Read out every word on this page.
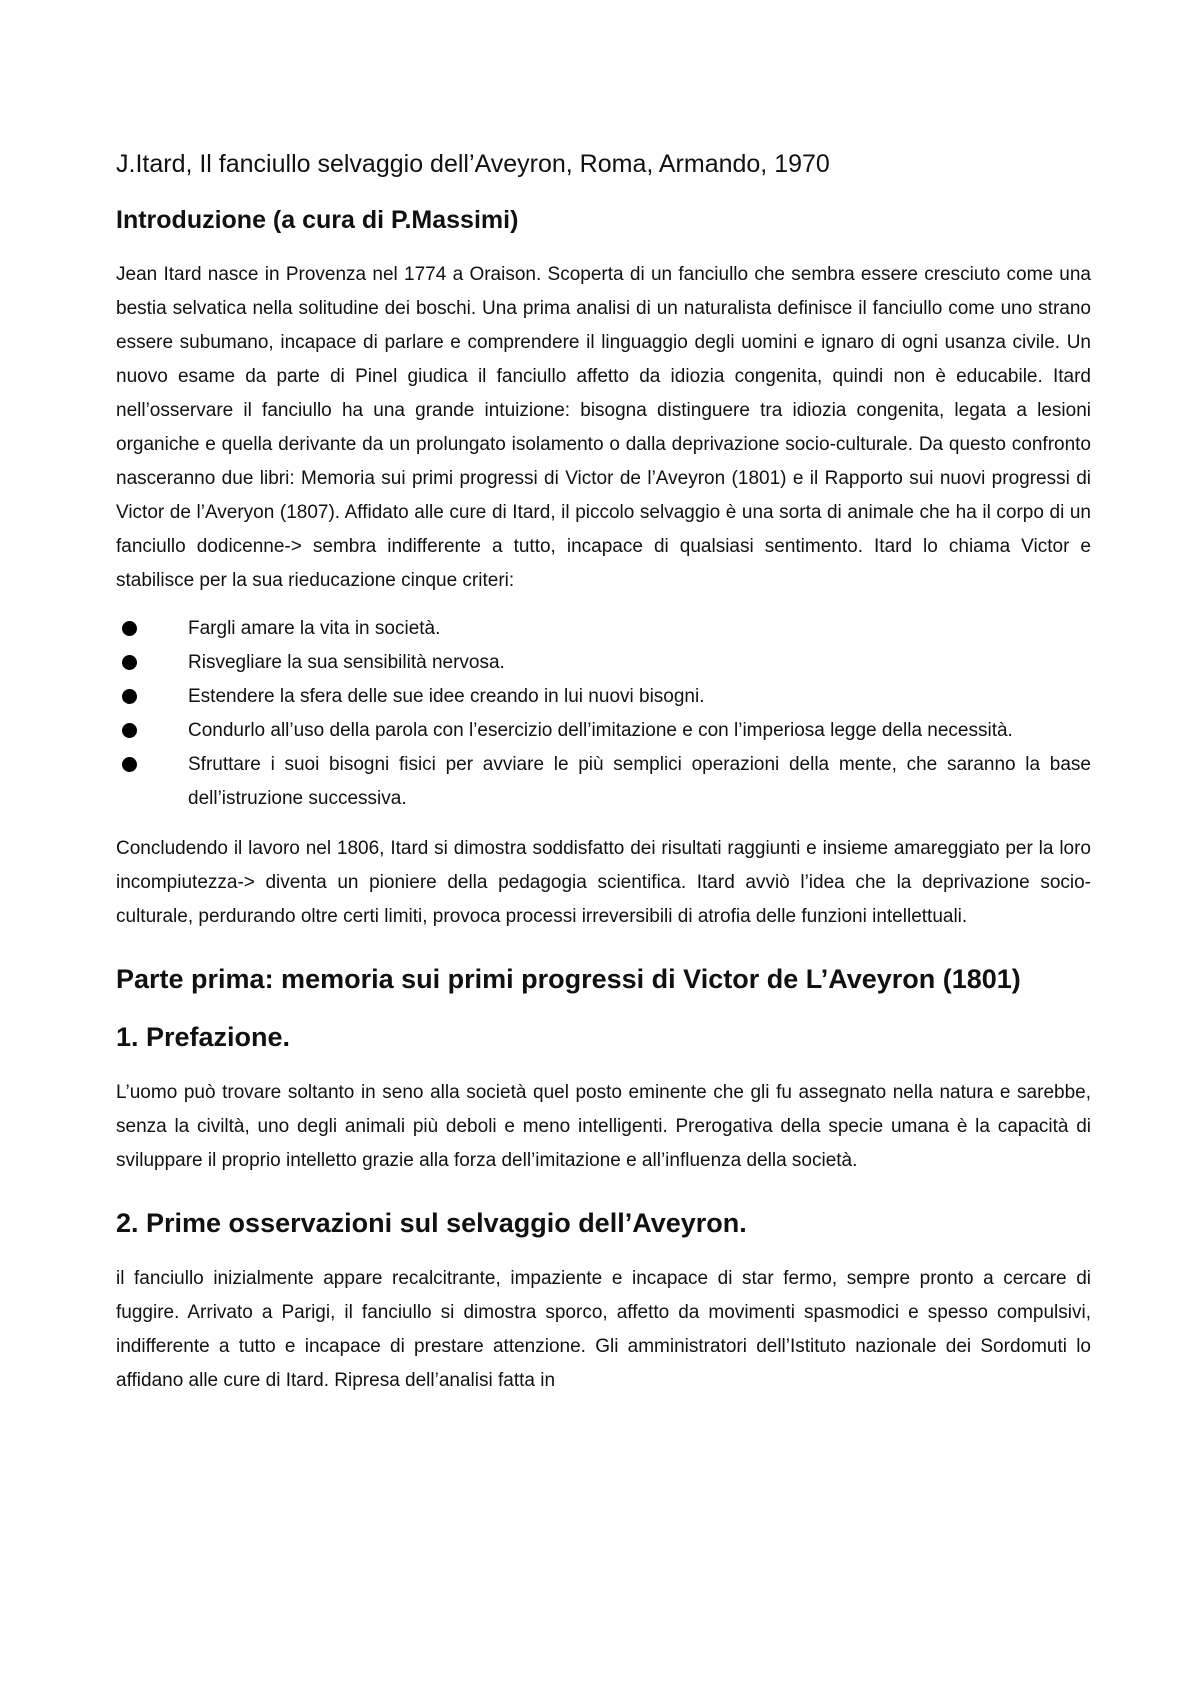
J.Itard, Il fanciullo selvaggio dell’Aveyron, Roma, Armando, 1970
Introduzione (a cura di P.Massimi)

Jean Itard nasce in Provenza nel 1774 a Oraison. Scoperta di un fanciullo che sembra essere cresciuto come una bestia selvatica nella solitudine dei boschi. Una prima analisi di un naturalista definisce il fanciullo come uno strano essere subumano, incapace di parlare e comprendere il linguaggio degli uomini e ignaro di ogni usanza civile. Un nuovo esame da parte di Pinel giudica il fanciullo affetto da idiozia congenita, quindi non è educabile. Itard nell’osservare il fanciullo ha una grande intuizione: bisogna distinguere tra idiozia congenita, legata a lesioni organiche e quella derivante da un prolungato isolamento o dalla deprivazione socio-culturale. Da questo confronto nasceranno due libri: Memoria sui primi progressi di Victor de l’Aveyron (1801) e il Rapporto sui nuovi progressi di Victor de l’Averyon (1807). Affidato alle cure di Itard, il piccolo selvaggio è una sorta di animale che ha il corpo di un fanciullo dodicenne-> sembra indifferente a tutto, incapace di qualsiasi sentimento. Itard lo chiama Victor e stabilisce per la sua rieducazione cinque criteri:

Fargli amare la vita in società.
Risvegliare la sua sensibilità nervosa.
Estendere la sfera delle sue idee creando in lui nuovi bisogni.
Condurlo all’uso della parola con l’esercizio dell’imitazione e con l’imperiosa legge della necessità.
Sfruttare i suoi bisogni fisici per avviare le più semplici operazioni della mente, che saranno la base dell’istruzione successiva.

Concludendo il lavoro nel 1806, Itard si dimostra soddisfatto dei risultati raggiunti e insieme amareggiato per la loro incompiutezza-> diventa un pioniere della pedagogia scientifica. Itard avviò l’idea che la deprivazione socio-culturale, perdurando oltre certi limiti, provoca processi irreversibili di atrofia delle funzioni intellettuali.

Parte prima: memoria sui primi progressi di Victor de L’Aveyron (1801)
1. Prefazione.

L’uomo può trovare soltanto in seno alla società quel posto eminente che gli fu assegnato nella natura e sarebbe, senza la civiltà, uno degli animali più deboli e meno intelligenti. Prerogativa della specie umana è la capacità di sviluppare il proprio intelletto grazie alla forza dell’imitazione e all’influenza della società.

2. Prime osservazioni sul selvaggio dell’Aveyron.

il fanciullo inizialmente appare recalcitrante, impaziente e incapace di star fermo, sempre pronto a cercare di fuggire. Arrivato a Parigi, il fanciullo si dimostra sporco, affetto da movimenti spasmodici e spesso compulsivi, indifferente a tutto e incapace di prestare attenzione. Gli amministratori dell’Istituto nazionale dei Sordomuti lo affidano alle cure di Itard. Ripresa dell’analisi fatta in
